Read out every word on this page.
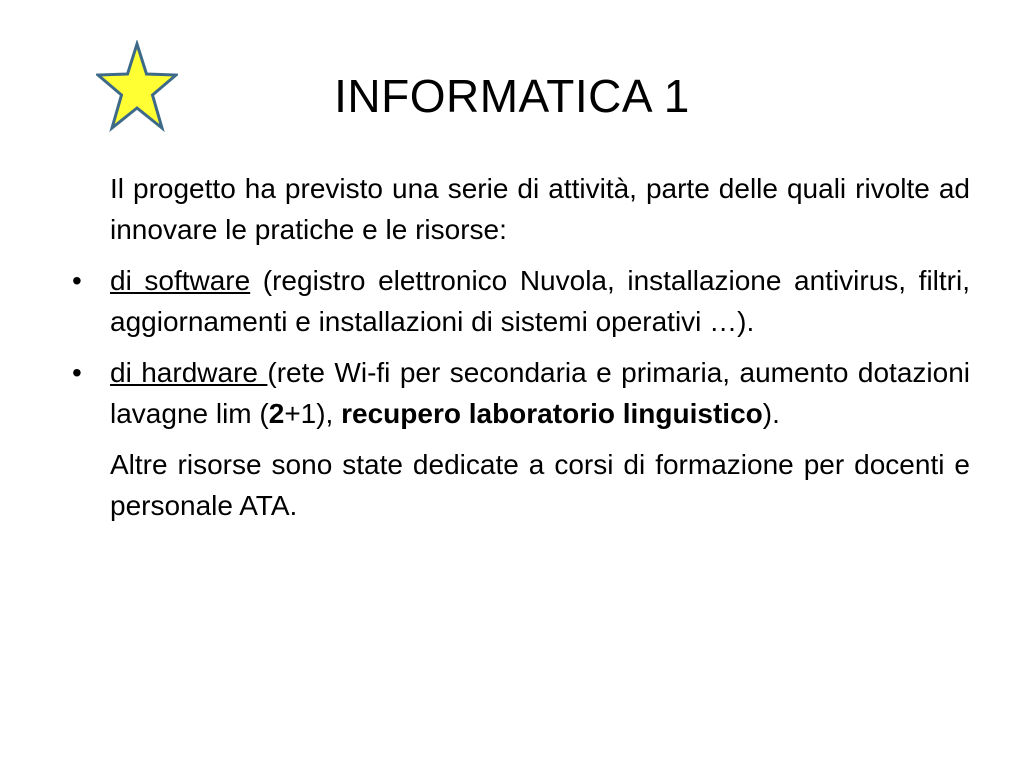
INFORMATICA 1

Il progetto ha previsto una serie di attività, parte delle quali rivolte ad innovare le pratiche e le risorse:

• di software (registro elettronico Nuvola, installazione antivirus, filtri, aggiornamenti e installazioni di sistemi operativi …).

• di hardware (rete Wi-fi per secondaria e primaria, aumento dotazioni lavagne lim (2+1), recupero laboratorio linguistico).

Altre risorse sono state dedicate a corsi di formazione per docenti e personale ATA.
